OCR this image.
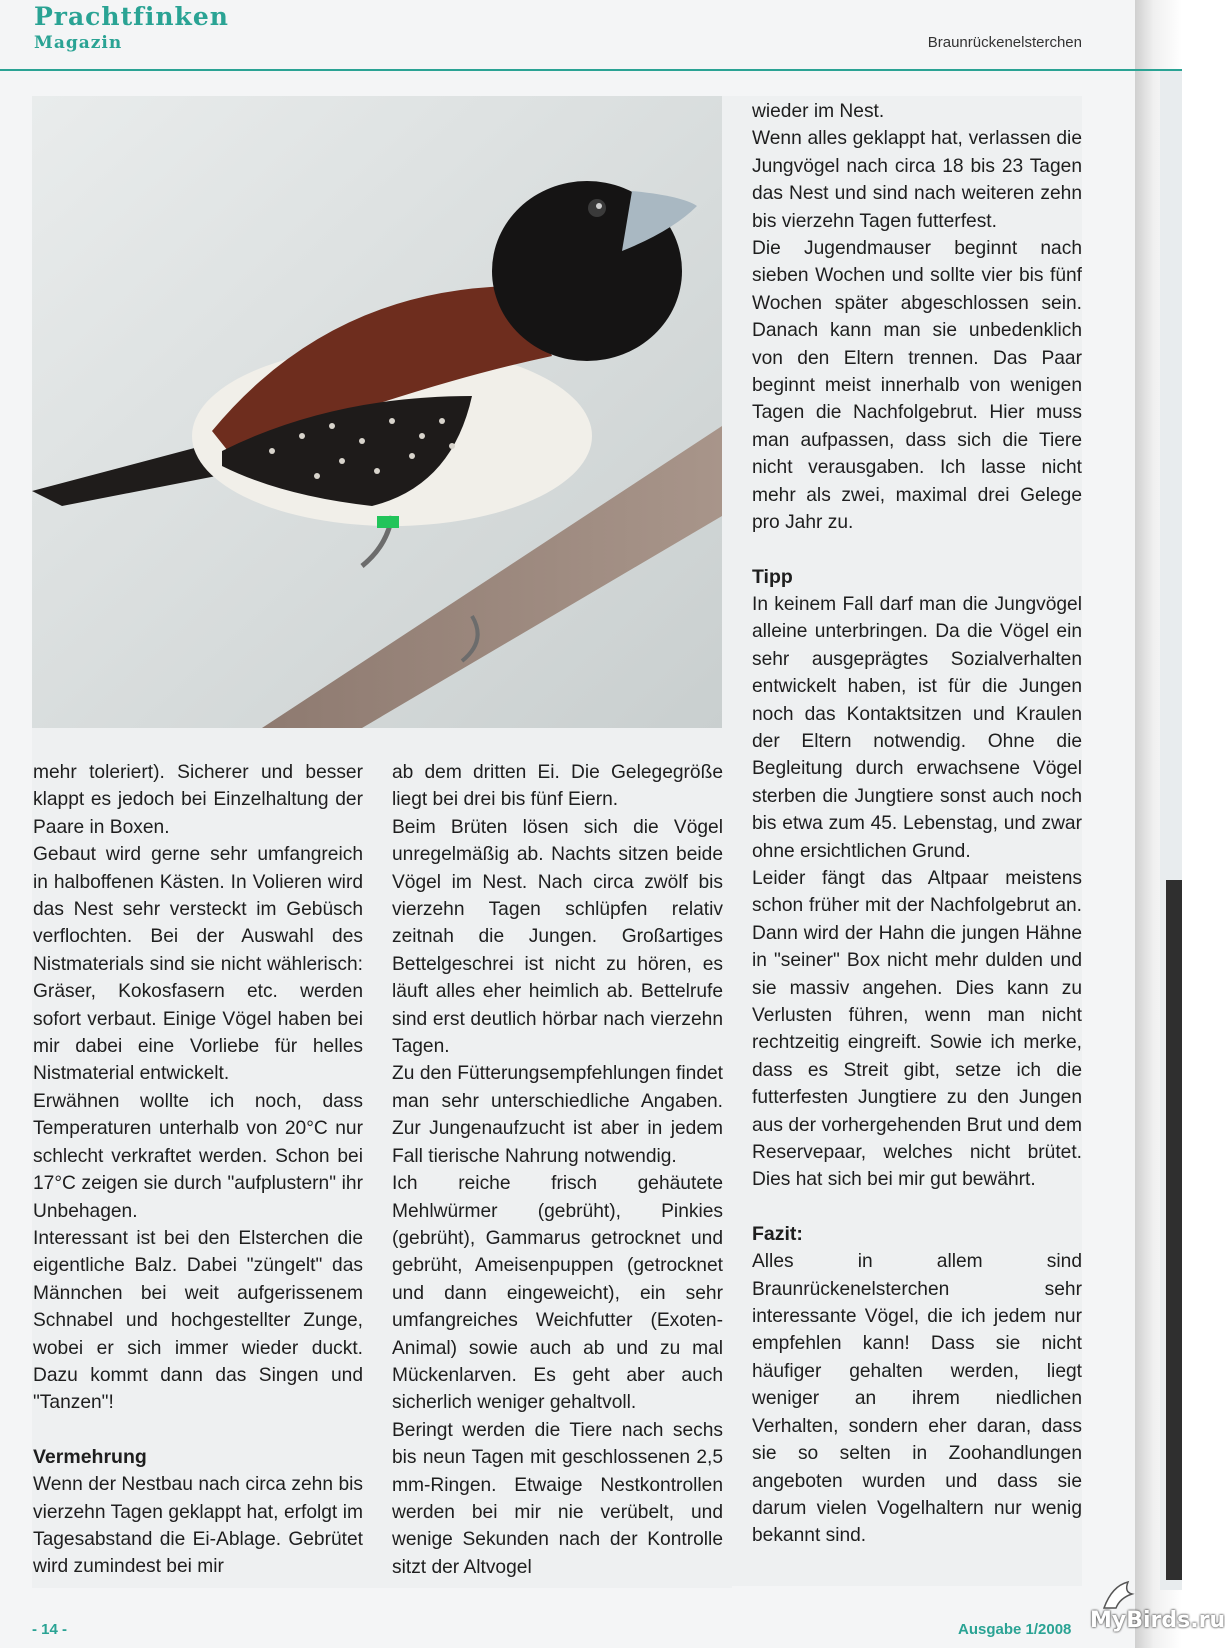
Prachtfinken
Magazin	Braunrückenelsterchen

mehr toleriert). Sicherer und besser klappt es jedoch bei Einzelhaltung der Paare in Boxen.

Gebaut wird gerne sehr umfangreich in halboffenen Kästen. In Volieren wird das Nest sehr versteckt im Gebüsch verflochten. Bei der Auswahl des Nistmaterials sind sie nicht wählerisch: Gräser, Kokosfasern etc. werden sofort verbaut. Einige Vögel haben bei mir dabei eine Vorliebe für helles Nistmaterial entwickelt.

Erwähnen wollte ich noch, dass Temperaturen unterhalb von 20°C nur schlecht verkraftet werden. Schon bei 17°C zeigen sie durch "aufplustern" ihr Unbehagen.

Interessant ist bei den Elsterchen die eigentliche Balz. Dabei "züngelt" das Männchen bei weit aufgerissenem Schnabel und hochgestellter Zunge, wobei er sich immer wieder duckt. Dazu kommt dann das Singen und "Tanzen"!

Vermehrung

Wenn der Nestbau nach circa zehn bis vierzehn Tagen geklappt hat, erfolgt im Tagesabstand die Ei-Ablage. Gebrütet wird zumindest bei mir

ab dem dritten Ei. Die Gelegegröße liegt bei drei bis fünf Eiern.

Beim Brüten lösen sich die Vögel unregelmäßig ab. Nachts sitzen beide Vögel im Nest. Nach circa zwölf bis vierzehn Tagen schlüpfen relativ zeitnah die Jungen. Großartiges Bettelgeschrei ist nicht zu hören, es läuft alles eher heimlich ab. Bettelrufe sind erst deutlich hörbar nach vierzehn Tagen.

Zu den Fütterungsempfehlungen findet man sehr unterschiedliche Angaben. Zur Jungenaufzucht ist aber in jedem Fall tierische Nahrung notwendig.

Ich reiche frisch gehäutete Mehlwürmer (gebrüht), Pinkies (gebrüht), Gammarus getrocknet und gebrüht, Ameisenpuppen (getrocknet und dann eingeweicht), ein sehr umfangreiches Weichfutter (Exoten-Animal) sowie auch ab und zu mal Mückenlarven. Es geht aber auch sicherlich weniger gehaltvoll.

Beringt werden die Tiere nach sechs bis neun Tagen mit geschlossenen 2,5 mm-Ringen. Etwaige Nestkontrollen werden bei mir nie verübelt, und wenige Sekunden nach der Kontrolle sitzt der Altvogel

wieder im Nest.

Wenn alles geklappt hat, verlassen die Jungvögel nach circa 18 bis 23 Tagen das Nest und sind nach weiteren zehn bis vierzehn Tagen futterfest.

Die Jugendmauser beginnt nach sieben Wochen und sollte vier bis fünf Wochen später abgeschlossen sein. Danach kann man sie unbedenklich von den Eltern trennen. Das Paar beginnt meist innerhalb von wenigen Tagen die Nachfolgebrut. Hier muss man aufpassen, dass sich die Tiere nicht verausgaben. Ich lasse nicht mehr als zwei, maximal drei Gelege pro Jahr zu.

Tipp

In keinem Fall darf man die Jungvögel alleine unterbringen. Da die Vögel ein sehr ausgeprägtes Sozialverhalten entwickelt haben, ist für die Jungen noch das Kontaktsitzen und Kraulen der Eltern notwendig. Ohne die Begleitung durch erwachsene Vögel sterben die Jungtiere sonst auch noch bis etwa zum 45. Lebenstag, und zwar ohne ersichtlichen Grund.

Leider fängt das Altpaar meistens schon früher mit der Nachfolgebrut an. Dann wird der Hahn die jungen Hähne in "seiner" Box nicht mehr dulden und sie massiv angehen. Dies kann zu Verlusten führen, wenn man nicht rechtzeitig eingreift. Sowie ich merke, dass es Streit gibt, setze ich die futterfesten Jungtiere zu den Jungen aus der vorhergehenden Brut und dem Reservepaar, welches nicht brütet. Dies hat sich bei mir gut bewährt.

Fazit:

Alles in allem sind Braunrückenelsterchen sehr interessante Vögel, die ich jedem nur empfehlen kann! Dass sie nicht häufiger gehalten werden, liegt weniger an ihrem niedlichen Verhalten, sondern eher daran, dass sie so selten in Zoohandlungen angeboten wurden und dass sie darum vielen Vogelhaltern nur wenig bekannt sind.

- 14 -	Ausgabe 1/2008 MyBirds.ru
